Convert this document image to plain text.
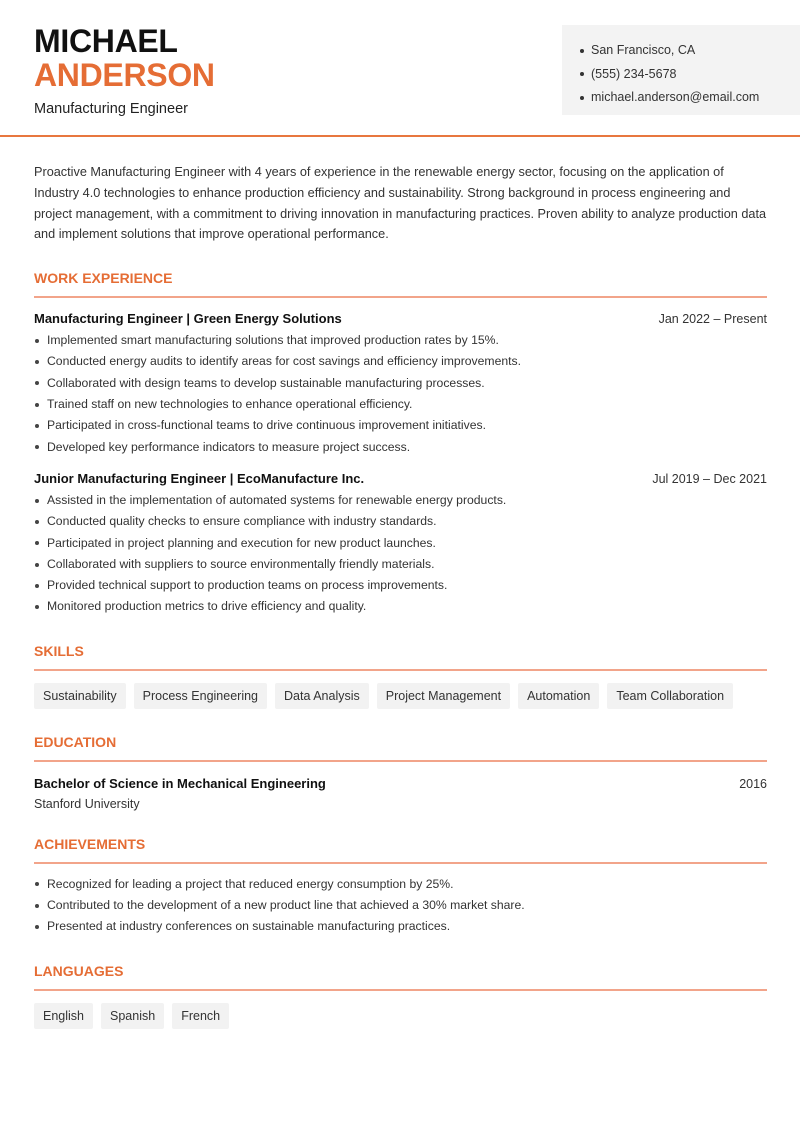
MICHAEL
ANDERSON
Manufacturing Engineer
San Francisco, CA
(555) 234-5678
michael.anderson@email.com

Proactive Manufacturing Engineer with 4 years of experience in the renewable energy sector, focusing on the application of Industry 4.0 technologies to enhance production efficiency and sustainability. Strong background in process engineering and project management, with a commitment to driving innovation in manufacturing practices. Proven ability to analyze production data and implement solutions that improve operational performance.

WORK EXPERIENCE
Manufacturing Engineer | Green Energy Solutions	Jan 2022 – Present
Implemented smart manufacturing solutions that improved production rates by 15%.
Conducted energy audits to identify areas for cost savings and efficiency improvements.
Collaborated with design teams to develop sustainable manufacturing processes.
Trained staff on new technologies to enhance operational efficiency.
Participated in cross-functional teams to drive continuous improvement initiatives.
Developed key performance indicators to measure project success.
Junior Manufacturing Engineer | EcoManufacture Inc.	Jul 2019 – Dec 2021
Assisted in the implementation of automated systems for renewable energy products.
Conducted quality checks to ensure compliance with industry standards.
Participated in project planning and execution for new product launches.
Collaborated with suppliers to source environmentally friendly materials.
Provided technical support to production teams on process improvements.
Monitored production metrics to drive efficiency and quality.
SKILLS
Sustainability	Process Engineering	Data Analysis	Project Management	Automation	Team Collaboration
EDUCATION
Bachelor of Science in Mechanical Engineering	2016
Stanford University
ACHIEVEMENTS
Recognized for leading a project that reduced energy consumption by 25%.
Contributed to the development of a new product line that achieved a 30% market share.
Presented at industry conferences on sustainable manufacturing practices.
LANGUAGES
English	Spanish	French
